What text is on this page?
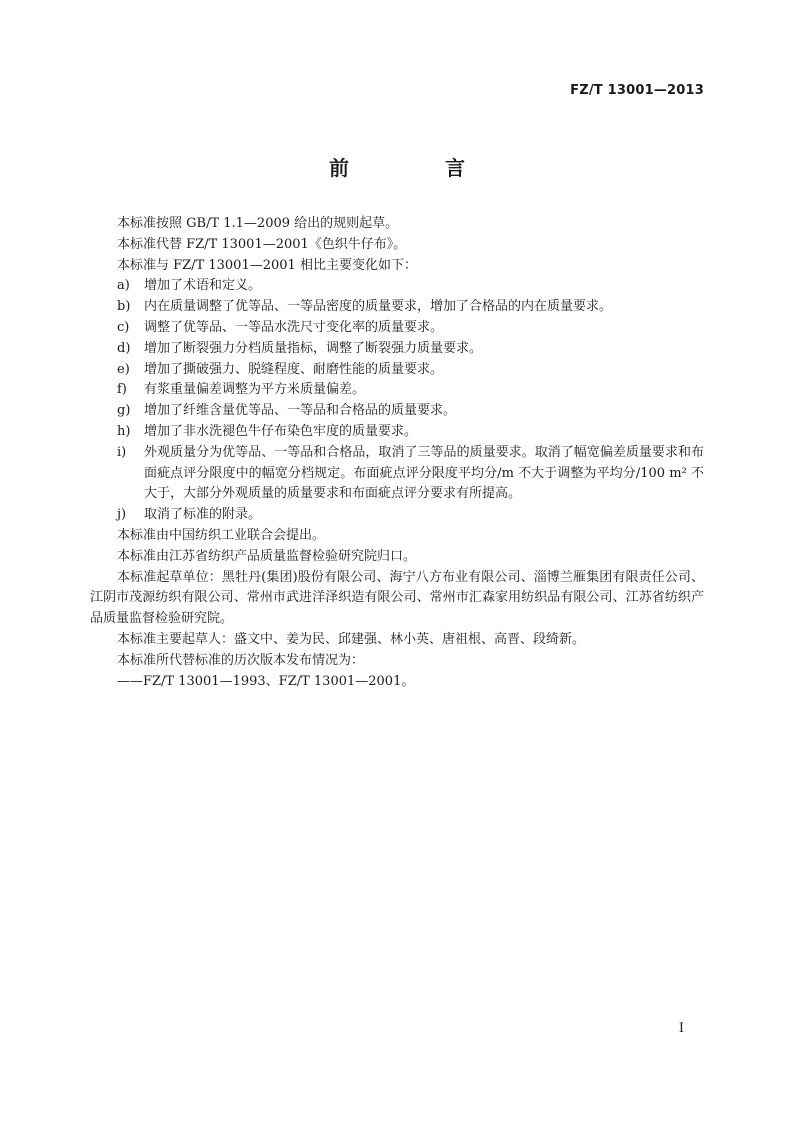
FZ/T 13001—2013
前　言

本标准按照 GB/T 1.1—2009 给出的规则起草。

本标准代替 FZ/T 13001—2001《色织牛仔布》。

本标准与 FZ/T 13001—2001 相比主要变化如下：

a)	增加了术语和定义。
b)	内在质量调整了优等品、一等品密度的质量要求，增加了合格品的内在质量要求。
c)	调整了优等品、一等品水洗尺寸变化率的质量要求。
d)	增加了断裂强力分档质量指标，调整了断裂强力质量要求。
e)	增加了撕破强力、脱缝程度、耐磨性能的质量要求。
f)	有浆重量偏差调整为平方米质量偏差。
g)	增加了纤维含量优等品、一等品和合格品的质量要求。
h)	增加了非水洗褪色牛仔布染色牢度的质量要求。
i)	外观质量分为优等品、一等品和合格品，取消了三等品的质量要求。取消了幅宽偏差质量要求和布面疵点评分限度中的幅宽分档规定。布面疵点评分限度平均分/m 不大于调整为平均分/100 m² 不大于，大部分外观质量的质量要求和布面疵点评分要求有所提高。
j)	取消了标准的附录。

本标准由中国纺织工业联合会提出。

本标准由江苏省纺织产品质量监督检验研究院归口。

本标准起草单位：黑牡丹(集团)股份有限公司、海宁八方布业有限公司、淄博兰雁集团有限责任公司、江阴市茂源纺织有限公司、常州市武进洋泽织造有限公司、常州市汇森家用纺织品有限公司、江苏省纺织产品质量监督检验研究院。

本标准主要起草人：盛文中、姜为民、邱建强、林小英、唐祖根、高晋、段绮新。

本标准所代替标准的历次版本发布情况为：

——FZ/T 13001—1993、FZ/T 13001—2001。

I
